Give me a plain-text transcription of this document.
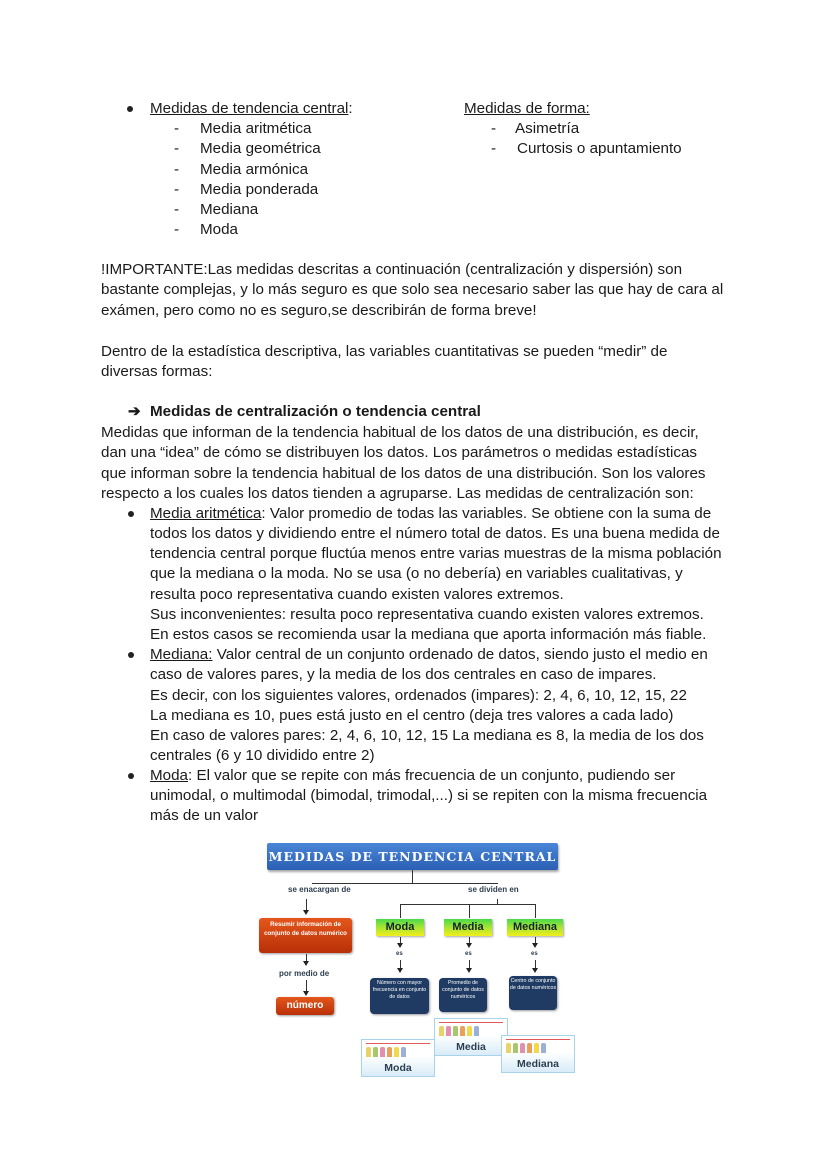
Medidas de tendencia central:
- Media aritmética
- Media geométrica
- Media armónica
- Media ponderada
- Mediana
- Moda
Medidas de forma:
- Asimetría
- Curtosis o apuntamiento
!IMPORTANTE:Las medidas descritas a continuación (centralización y dispersión) son
bastante complejas, y lo más seguro es que solo sea necesario saber las que hay de cara al
exámen, pero como no es seguro,se describirán de forma breve!
Dentro de la estadística descriptiva, las variables cuantitativas se pueden “medir” de
diversas formas:
➔ Medidas de centralización o tendencia central
Medidas que informan de la tendencia habitual de los datos de una distribución, es decir,
dan una “idea” de cómo se distribuyen los datos. Los parámetros o medidas estadísticas
que informan sobre la tendencia habitual de los datos de una distribución. Son los valores
respecto a los cuales los datos tienden a agruparse. Las medidas de centralización son:
Media aritmética: Valor promedio de todas las variables. Se obtiene con la suma de
todos los datos y dividiendo entre el número total de datos. Es una buena medida de
tendencia central porque fluctúa menos entre varias muestras de la misma población
que la mediana o la moda. No se usa (o no debería) en variables cualitativas, y
resulta poco representativa cuando existen valores extremos.
Sus inconvenientes: resulta poco representativa cuando existen valores extremos.
En estos casos se recomienda usar la mediana que aporta información más fiable.
Mediana: Valor central de un conjunto ordenado de datos, siendo justo el medio en
caso de valores pares, y la media de los dos centrales en caso de impares.
Es decir, con los siguientes valores, ordenados (impares): 2, 4, 6, 10, 12, 15, 22
La mediana es 10, pues está justo en el centro (deja tres valores a cada lado)
En caso de valores pares: 2, 4, 6, 10, 12, 15 La mediana es 8, la media de los dos
centrales (6 y 10 dividido entre 2)
Moda: El valor que se repite con más frecuencia de un conjunto, pudiendo ser
unimodal, o multimodal (bimodal, trimodal,...) si se repiten con la misma frecuencia
más de un valor
MEDIDAS DE TENDENCIA CENTRAL
se enacargan de	se dividen en
Resumir información de conjunto de datos numérico
por medio de
número
Moda	Media	Mediana
es	es	es
Número con mayor frecuencia en conjunto de datos
Promedio de conjunto de datos numéricos
Centro de conjunto de datos numéricos
Media
Moda	Mediana
